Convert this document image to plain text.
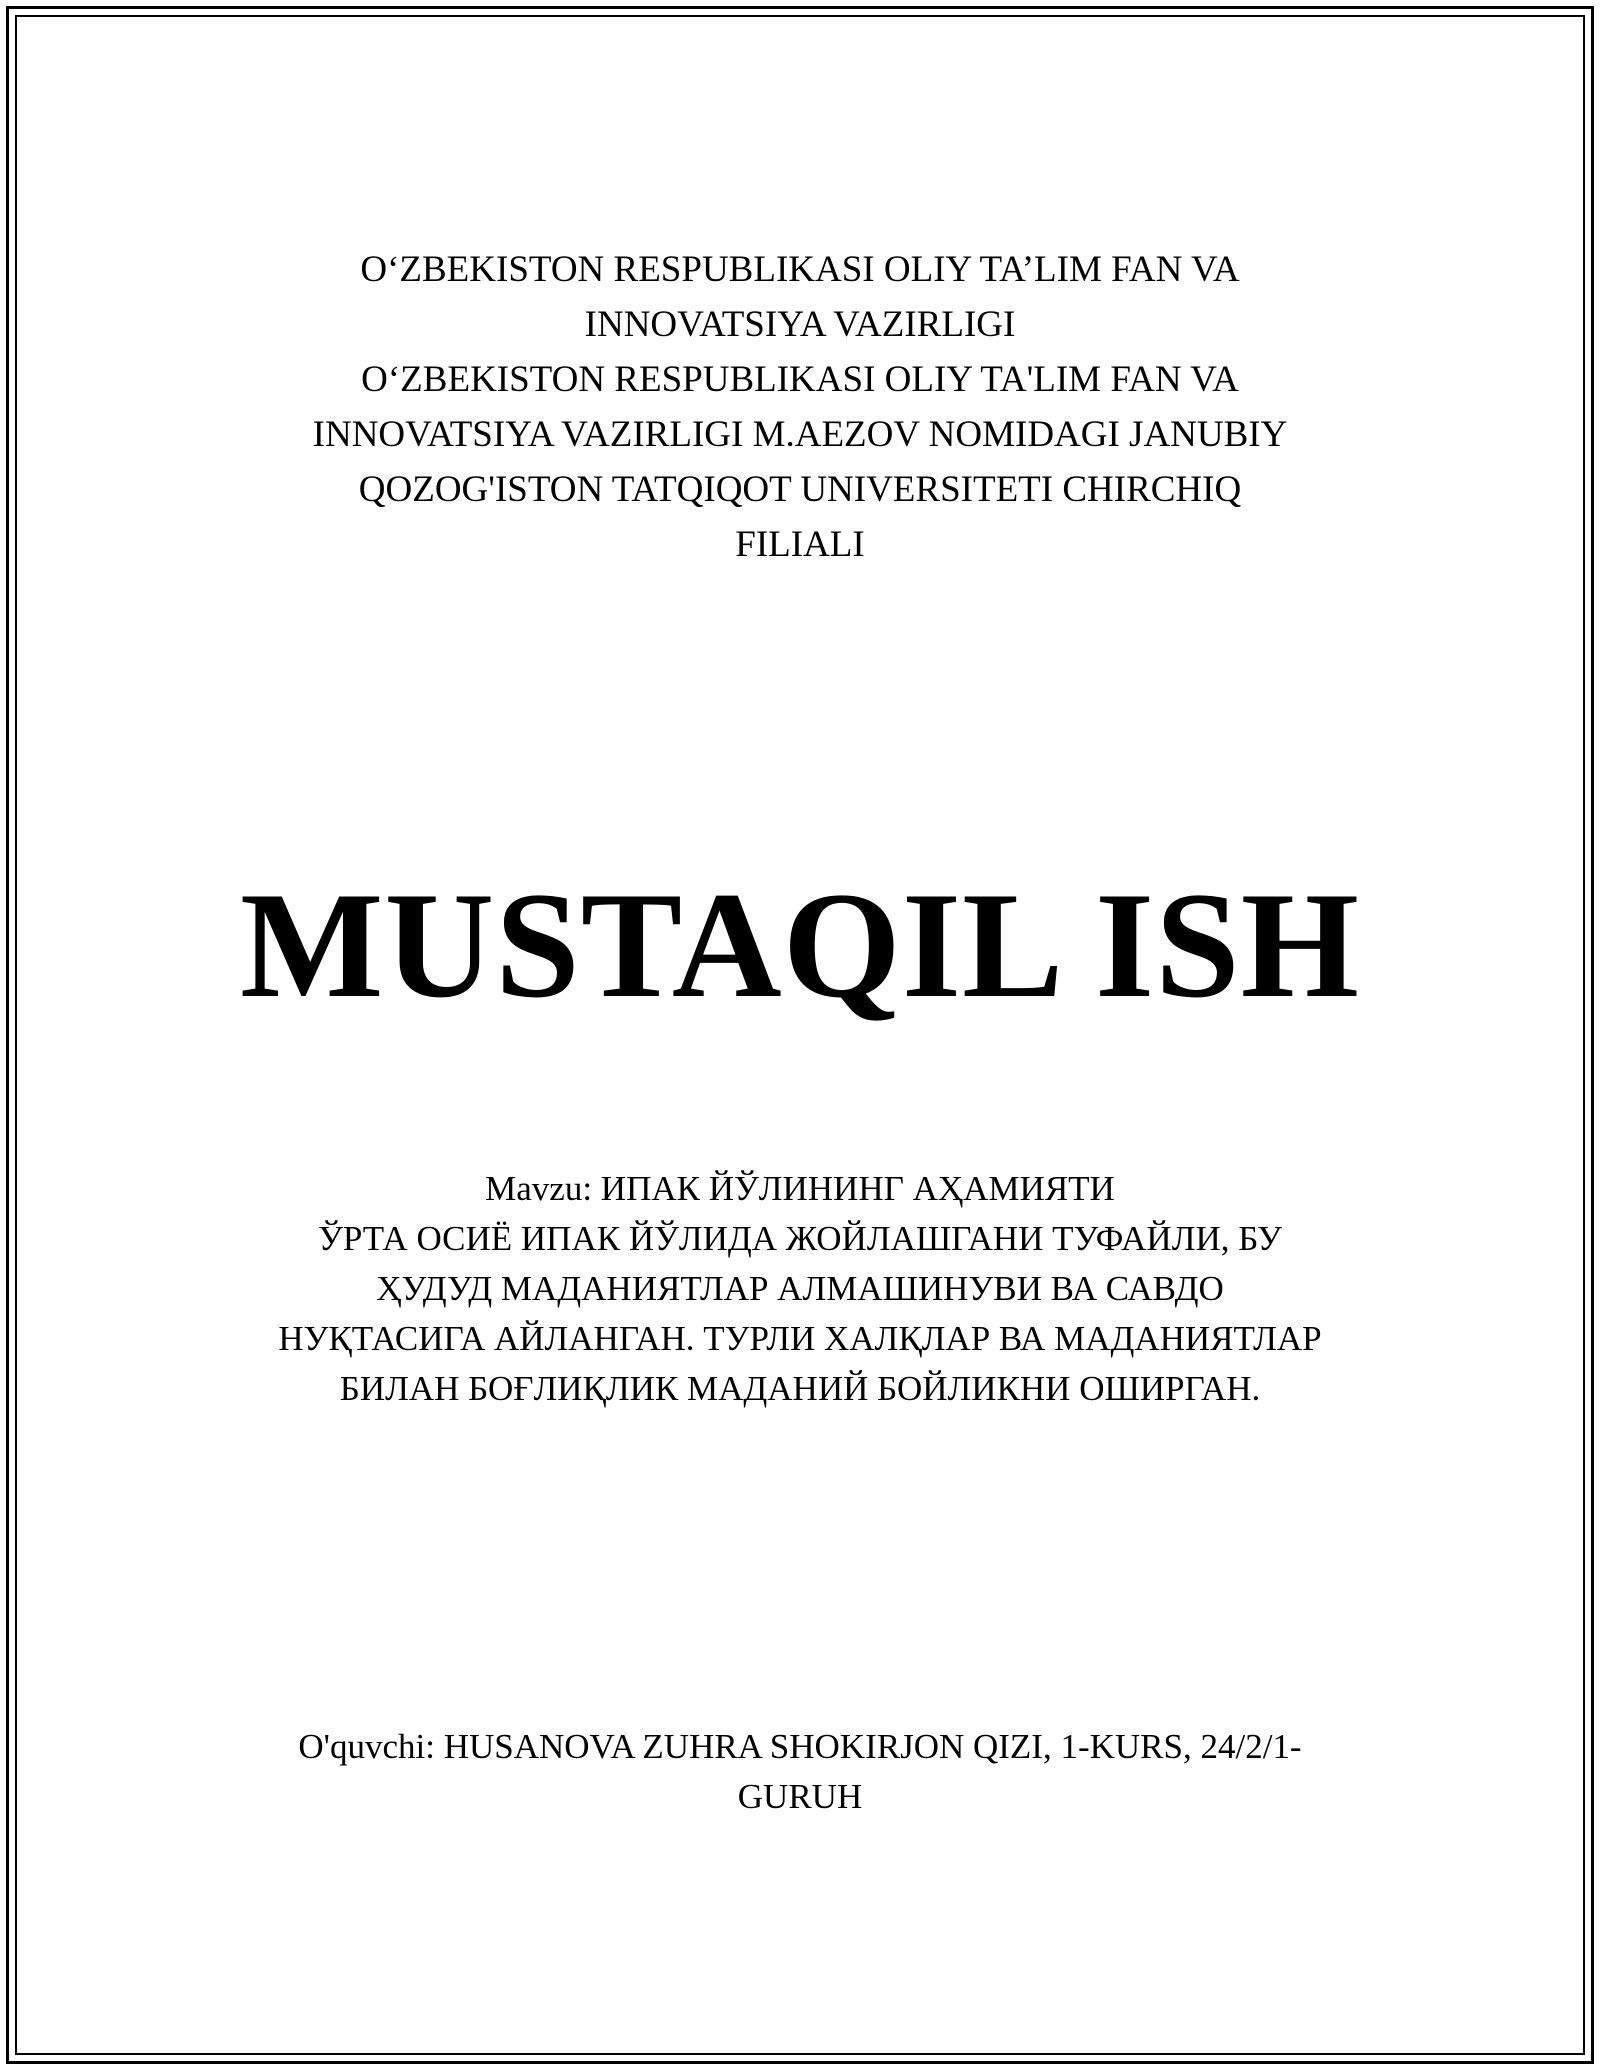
O‘ZBEKISTON RESPUBLIKASI OLIY TA’LIM FAN VA
INNOVATSIYA VAZIRLIGI
O‘ZBEKISTON RESPUBLIKASI OLIY TA'LIM FAN VA
INNOVATSIYA VAZIRLIGI M.AEZOV NOMIDAGI JANUBIY
QOZOG'ISTON TATQIQOT UNIVERSITETI CHIRCHIQ
FILIALI
MUSTAQIL ISH
Mavzu: ИПАК ЙЎЛИНИНГ АҲАМИЯТИ
ЎРТА ОСИЁ ИПАК ЙЎЛИДА ЖОЙЛАШГАНИ ТУФАЙЛИ, БУ
ҲУДУД МАДАНИЯТЛАР АЛМАШИНУВИ ВА САВДО
НУҚТАСИГА АЙЛАНГАН. ТУРЛИ ХАЛҚЛАР ВА МАДАНИЯТЛАР
БИЛАН БОҒЛИҚЛИК МАДАНИЙ БОЙЛИКНИ ОШИРГАН.
O'quvchi: HUSANOVA ZUHRA SHOKIRJON QIZI, 1-KURS, 24/2/1-
GURUH
